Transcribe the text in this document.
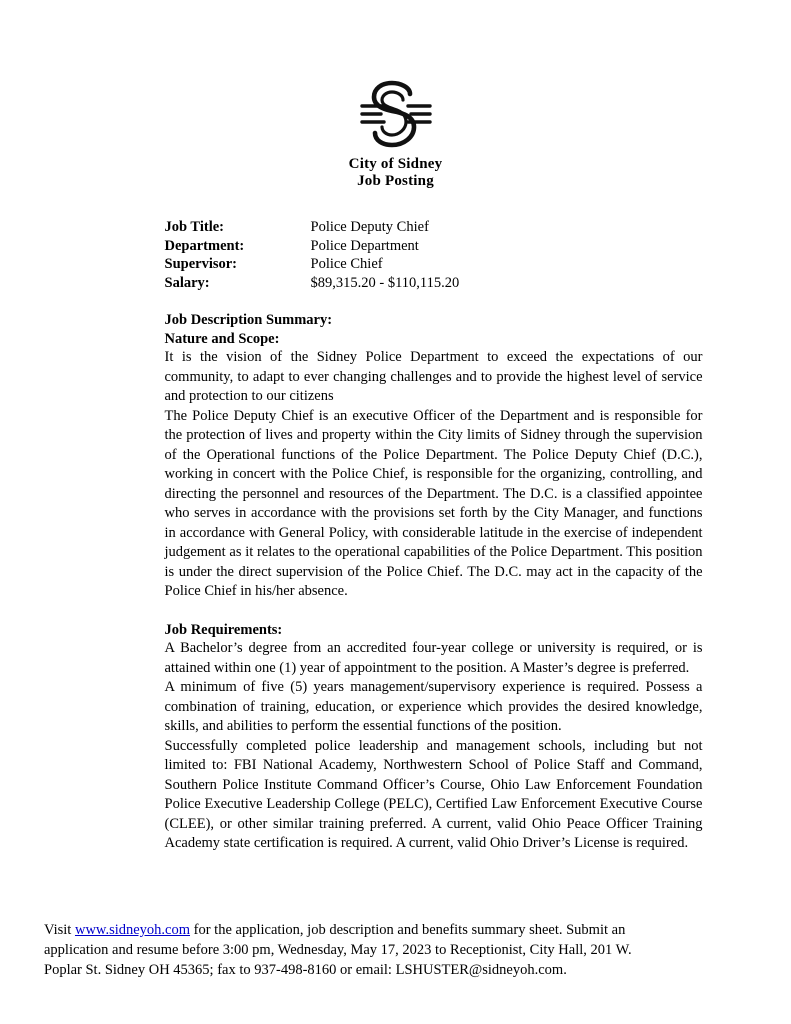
City of Sidney
Job Posting
Job Title:	Police Deputy Chief
Department:	Police Department
Supervisor:	Police Chief
Salary:	$89,315.20 - $110,115.20
Job Description Summary:
Nature and Scope:

It is the vision of the Sidney Police Department to exceed the expectations of our community, to adapt to ever changing challenges and to provide the highest level of service and protection to our citizens

The Police Deputy Chief is an executive Officer of the Department and is responsible for the protection of lives and property within the City limits of Sidney through the supervision of the Operational functions of the Police Department. The Police Deputy Chief (D.C.), working in concert with the Police Chief, is responsible for the organizing, controlling, and directing the personnel and resources of the Department. The D.C. is a classified appointee who serves in accordance with the provisions set forth by the City Manager, and functions in accordance with General Policy, with considerable latitude in the exercise of independent judgement as it relates to the operational capabilities of the Police Department. This position is under the direct supervision of the Police Chief. The D.C. may act in the capacity of the Police Chief in his/her absence.

Job Requirements:

A Bachelor’s degree from an accredited four-year college or university is required, or is attained within one (1) year of appointment to the position. A Master’s degree is preferred.

A minimum of five (5) years management/supervisory experience is required. Possess a combination of training, education, or experience which provides the desired knowledge, skills, and abilities to perform the essential functions of the position.

Successfully completed police leadership and management schools, including but not limited to: FBI National Academy, Northwestern School of Police Staff and Command, Southern Police Institute Command Officer’s Course, Ohio Law Enforcement Foundation Police Executive Leadership College (PELC), Certified Law Enforcement Executive Course (CLEE), or other similar training preferred. A current, valid Ohio Peace Officer Training Academy state certification is required. A current, valid Ohio Driver’s License is required.

Visit www.sidneyoh.com for the application, job description and benefits summary sheet. Submit an

application and resume before 3:00 pm, Wednesday, May 17, 2023 to Receptionist, City Hall, 201 W.

Poplar St. Sidney OH 45365; fax to 937-498-8160 or email: LSHUSTER@sidneyoh.com.
